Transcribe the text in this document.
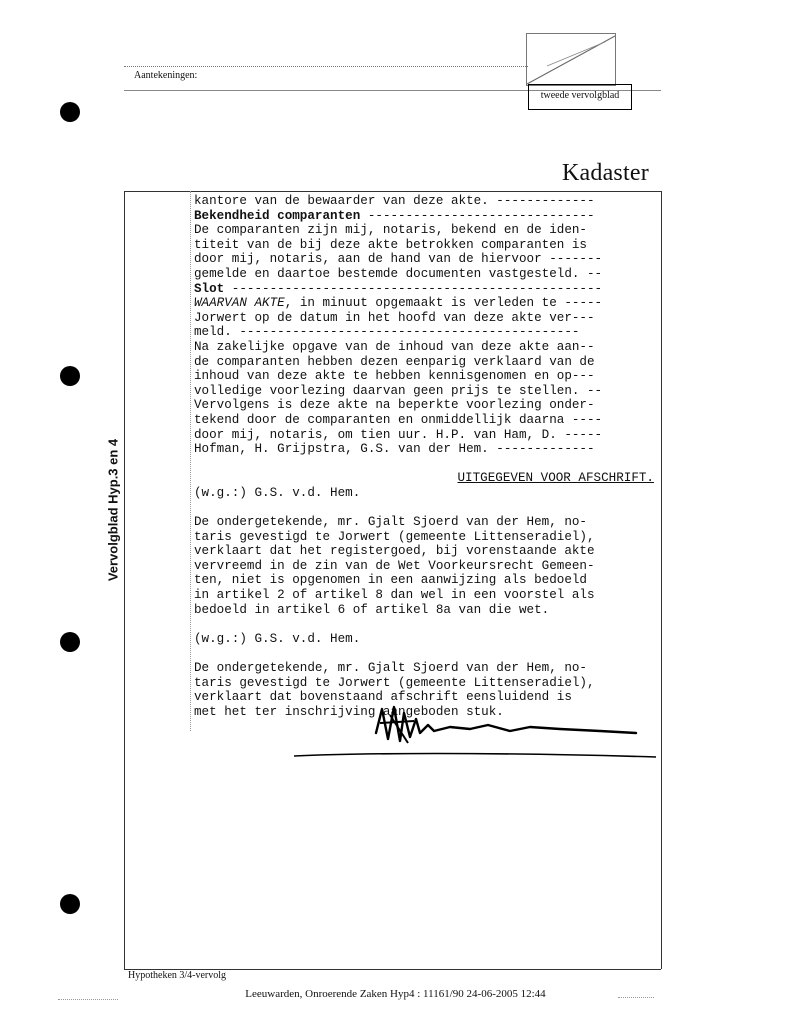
Aantekeningen:
tweede vervolgblad
Kadaster
Vervolgblad Hyp.3 en 4
kantore van de bewaarder van deze akte. -------------
Bekendheid comparanten ------------------------------
De comparanten zijn mij, notaris, bekend en de iden-
titeit van de bij deze akte betrokken comparanten is
door mij, notaris, aan de hand van de hiervoor -------
gemelde en daartoe bestemde documenten vastgesteld. --
Slot -------------------------------------------------
WAARVAN AKTE, in minuut opgemaakt is verleden te -----
Jorwert op de datum in het hoofd van deze akte ver---
meld. ---------------------------------------------
Na zakelijke opgave van de inhoud van deze akte aan--
de comparanten hebben dezen eenparig verklaard van de
inhoud van deze akte te hebben kennisgenomen en op---
volledige voorlezing daarvan geen prijs te stellen. --
Vervolgens is deze akte na beperkte voorlezing onder-
tekend door de comparanten en onmiddellijk daarna ----
door mij, notaris, om tien uur. H.P. van Ham, D. -----
Hofman, H. Grijpstra, G.S. van der Hem. -------------

UITGEGEVEN VOOR AFSCHRIFT.
(w.g.:) G.S. v.d. Hem.

De ondergetekende, mr. Gjalt Sjoerd van der Hem, no-
taris gevestigd te Jorwert (gemeente Littenseradiel),
verklaart dat het registergoed, bij vorenstaande akte
vervreemd in de zin van de Wet Voorkeursrecht Gemeen-
ten, niet is opgenomen in een aanwijzing als bedoeld
in artikel 2 of artikel 8 dan wel in een voorstel als
bedoeld in artikel 6 of artikel 8a van die wet.

(w.g.:) G.S. v.d. Hem.

De ondergetekende, mr. Gjalt Sjoerd van der Hem, no-
taris gevestigd te Jorwert (gemeente Littenseradiel),
verklaart dat bovenstaand afschrift eensluidend is
met het ter inschrijving aangeboden stuk.
Hypotheken 3/4-vervolg
Leeuwarden, Onroerende Zaken Hyp4 : 11161/90 24-06-2005 12:44
